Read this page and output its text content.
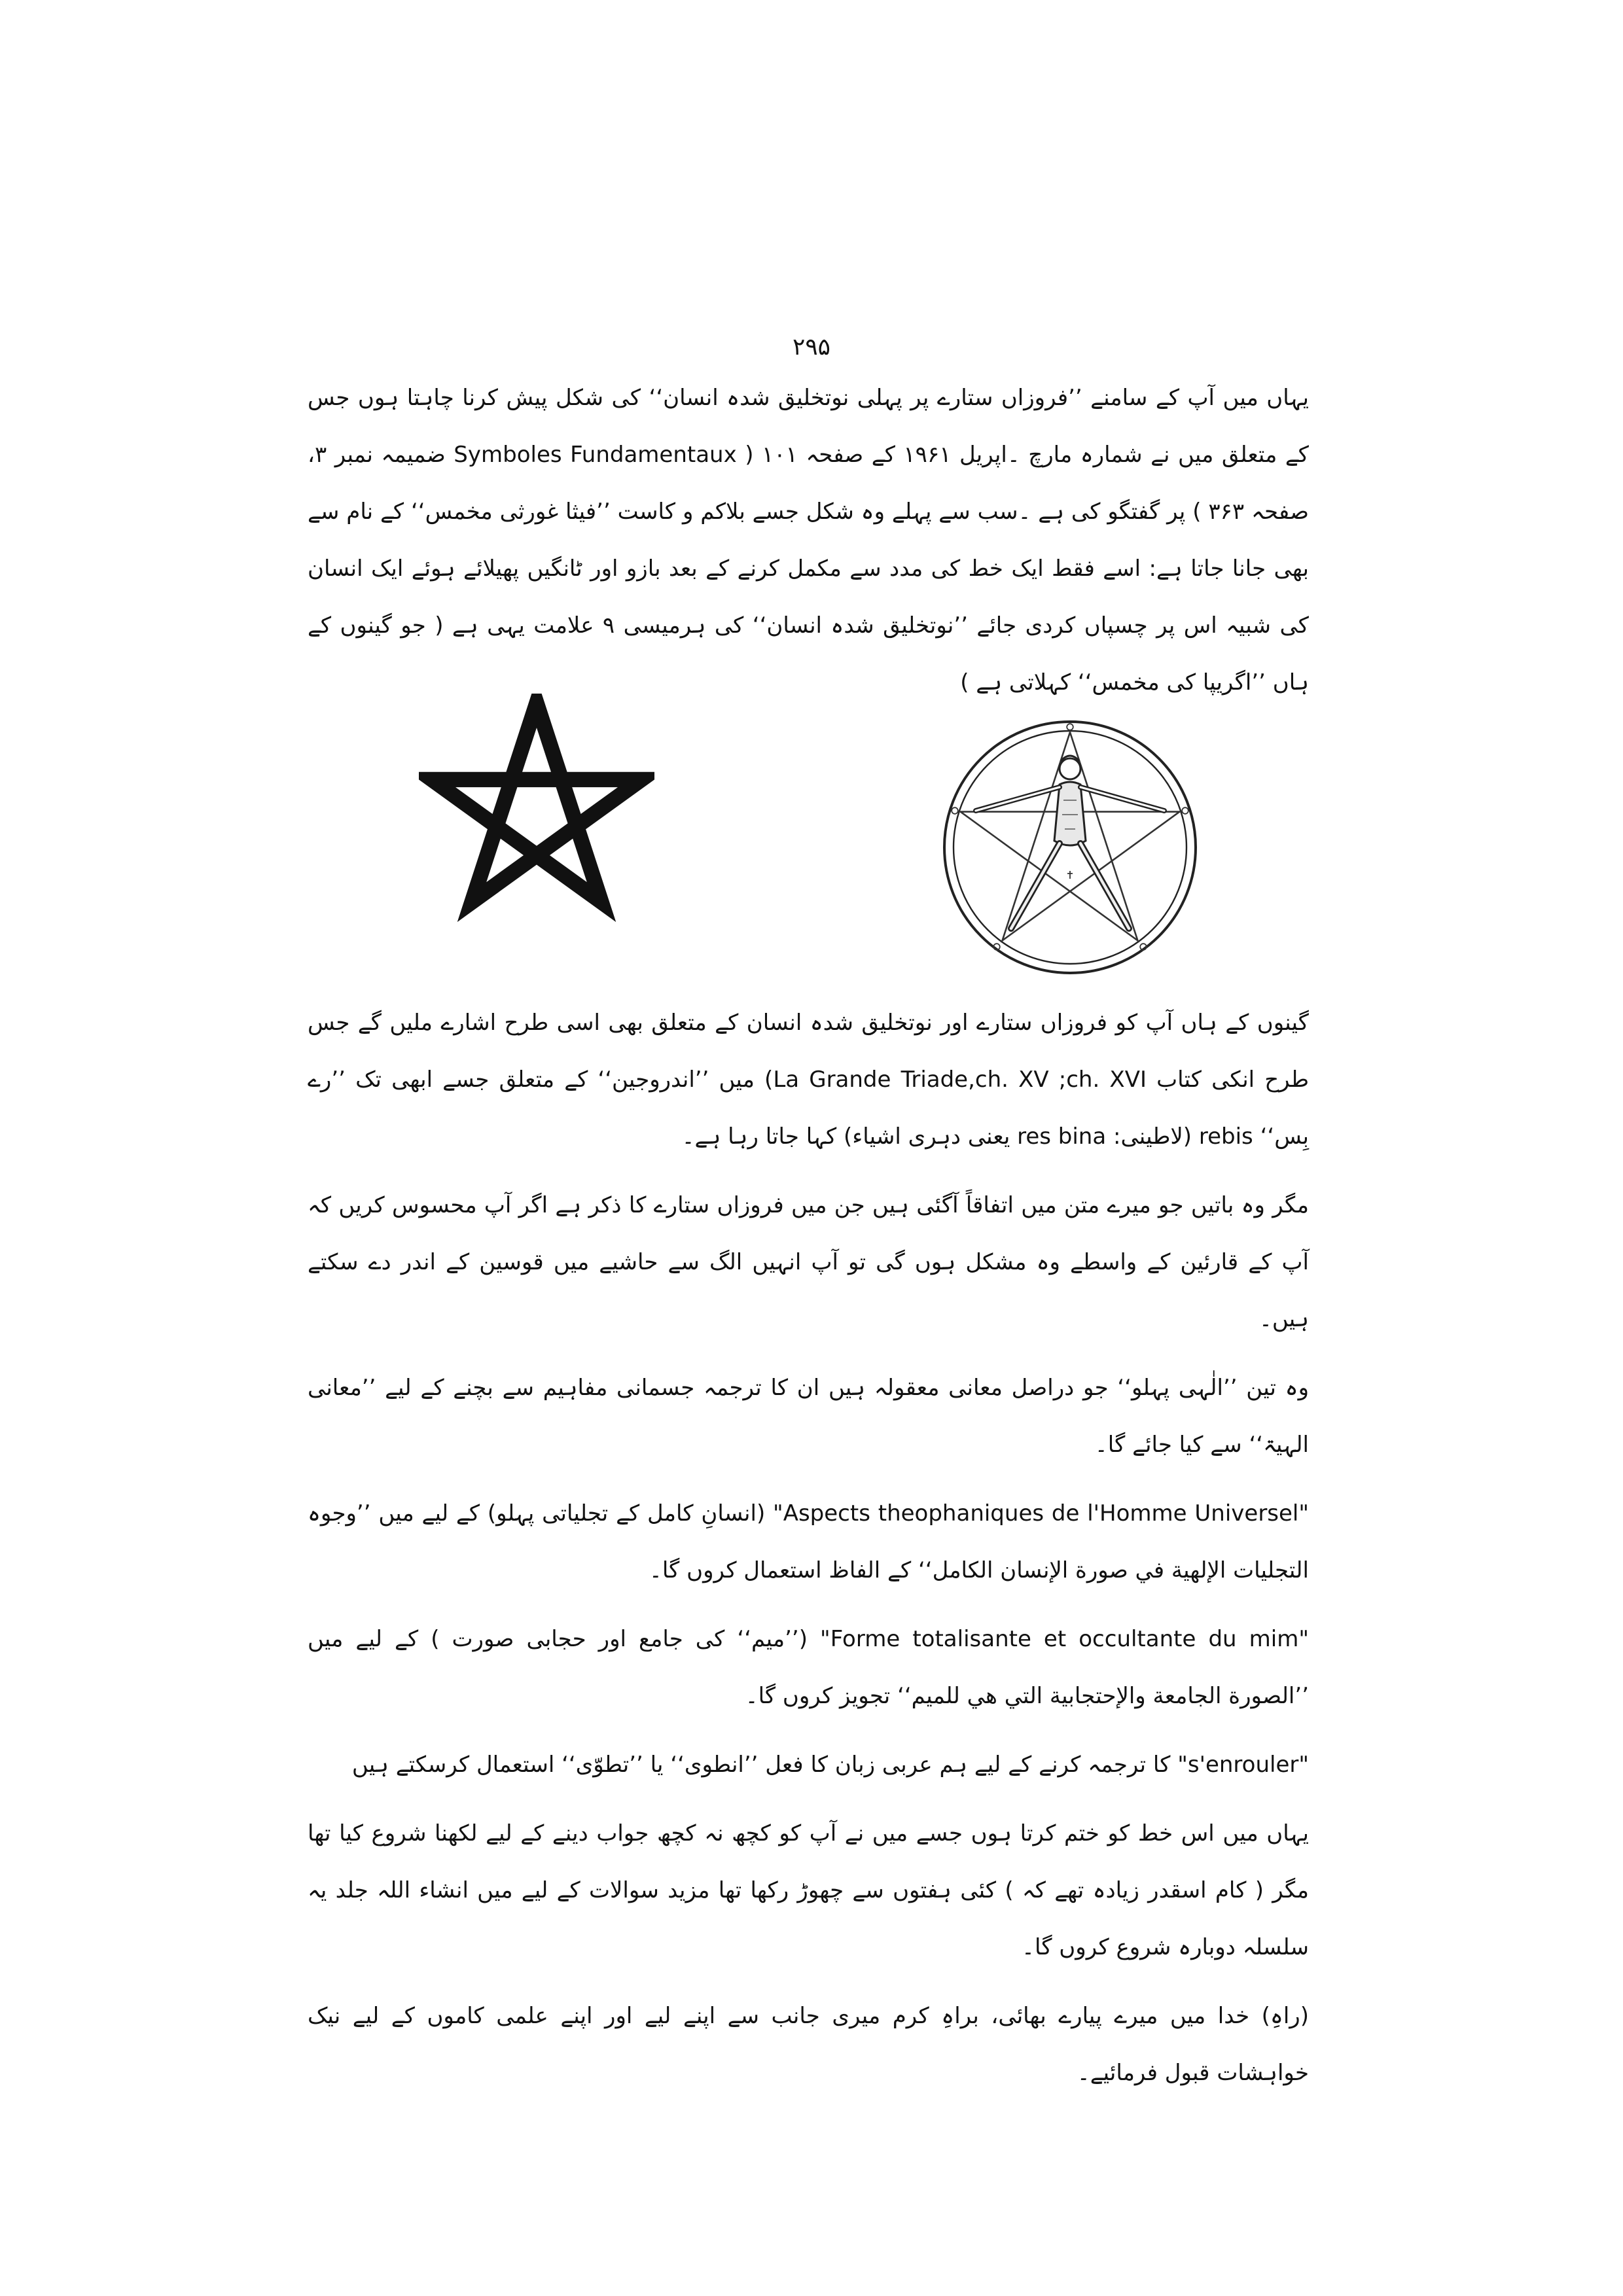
۲۹۵

یہاں میں آپ کے سامنے ’’فروزاں ستارے پر پہلی نوتخلیق شدہ انسان‘‘ کی شکل پیش کرنا چاہتا ہوں جس کے متعلق میں نے شمارہ مارچ ۔اپریل ۱۹۶۱ کے صفحہ ۱۰۱ ( Symboles Fundamentaux ضمیمہ نمبر ۳، صفحہ ۳۶۳ ) پر گفتگو کی ہے ۔سب سے پہلے وہ شکل جسے بلاکم و کاست ’’فیثا غورثی مخمس‘‘ کے نام سے بھی جانا جاتا ہے: اسے فقط ایک خط کی مدد سے مکمل کرنے کے بعد بازو اور ٹانگیں پھیلائے ہوئے ایک انسان کی شبیہ اس پر چسپاں کردی جائے ’’نوتخلیق شدہ انسان‘‘ کی ہرمیسی ۹ علامت یہی ہے ( جو گینوں کے ہاں ’’اگریپا کی مخمس‘‘ کہلاتی ہے )

گینوں کے ہاں آپ کو فروزاں ستارے اور نوتخلیق شدہ انسان کے متعلق بھی اسی طرح اشارے ملیں گے جس طرح انکی کتاب La Grande Triade,ch. XV ;ch. XVI) میں ’’اندروجین‘‘ کے متعلق جسے ابھی تک ’’رے بِس‘‘ rebis (لاطینی: res bina یعنی دہری اشیاء) کہا جاتا رہا ہے۔

مگر وہ باتیں جو میرے متن میں اتفاقاً آگئی ہیں جن میں فروزاں ستارے کا ذکر ہے اگر آپ محسوس کریں کہ آپ کے قارئین کے واسطے وہ مشکل ہوں گی تو آپ انہیں الگ سے حاشیے میں قوسین کے اندر دے سکتے ہیں۔

وہ تین ’’الٰہی پہلو‘‘ جو دراصل معانی معقولہ ہیں ان کا ترجمہ جسمانی مفاہیم سے بچنے کے لیے ’’معانی الہیۃ‘‘ سے کیا جائے گا۔

"Aspects theophaniques de l'Homme Universel" (انسانِ کامل کے تجلیاتی پہلو) کے لیے میں ’’وجوہ التجليات الإلهية في صورة الإنسان الكامل‘‘ کے الفاظ استعمال کروں گا۔

"Forme totalisante et occultante du mim" (’’میم‘‘ کی جامع اور حجابی صورت ) کے لیے میں ’’الصورة الجامعة والإحتجابية التي هي للميم‘‘ تجویز کروں گا۔

"s'enrouler" کا ترجمہ کرنے کے لیے ہم عربی زبان کا فعل ’’انطوی‘‘ یا ’’تطوّی‘‘ استعمال کرسکتے ہیں

یہاں میں اس خط کو ختم کرتا ہوں جسے میں نے آپ کو کچھ نہ کچھ جواب دینے کے لیے لکھنا شروع کیا تھا مگر ( کام اسقدر زیادہ تھے کہ ) کئی ہفتوں سے چھوڑ رکھا تھا مزید سوالات کے لیے میں انشاء اللہ جلد یہ سلسلہ دوبارہ شروع کروں گا۔

(راہِ) خدا میں میرے پیارے بھائی، براہِ کرم میری جانب سے اپنے لیے اور اپنے علمی کاموں کے لیے نیک خواہشات قبول فرمائیے۔
